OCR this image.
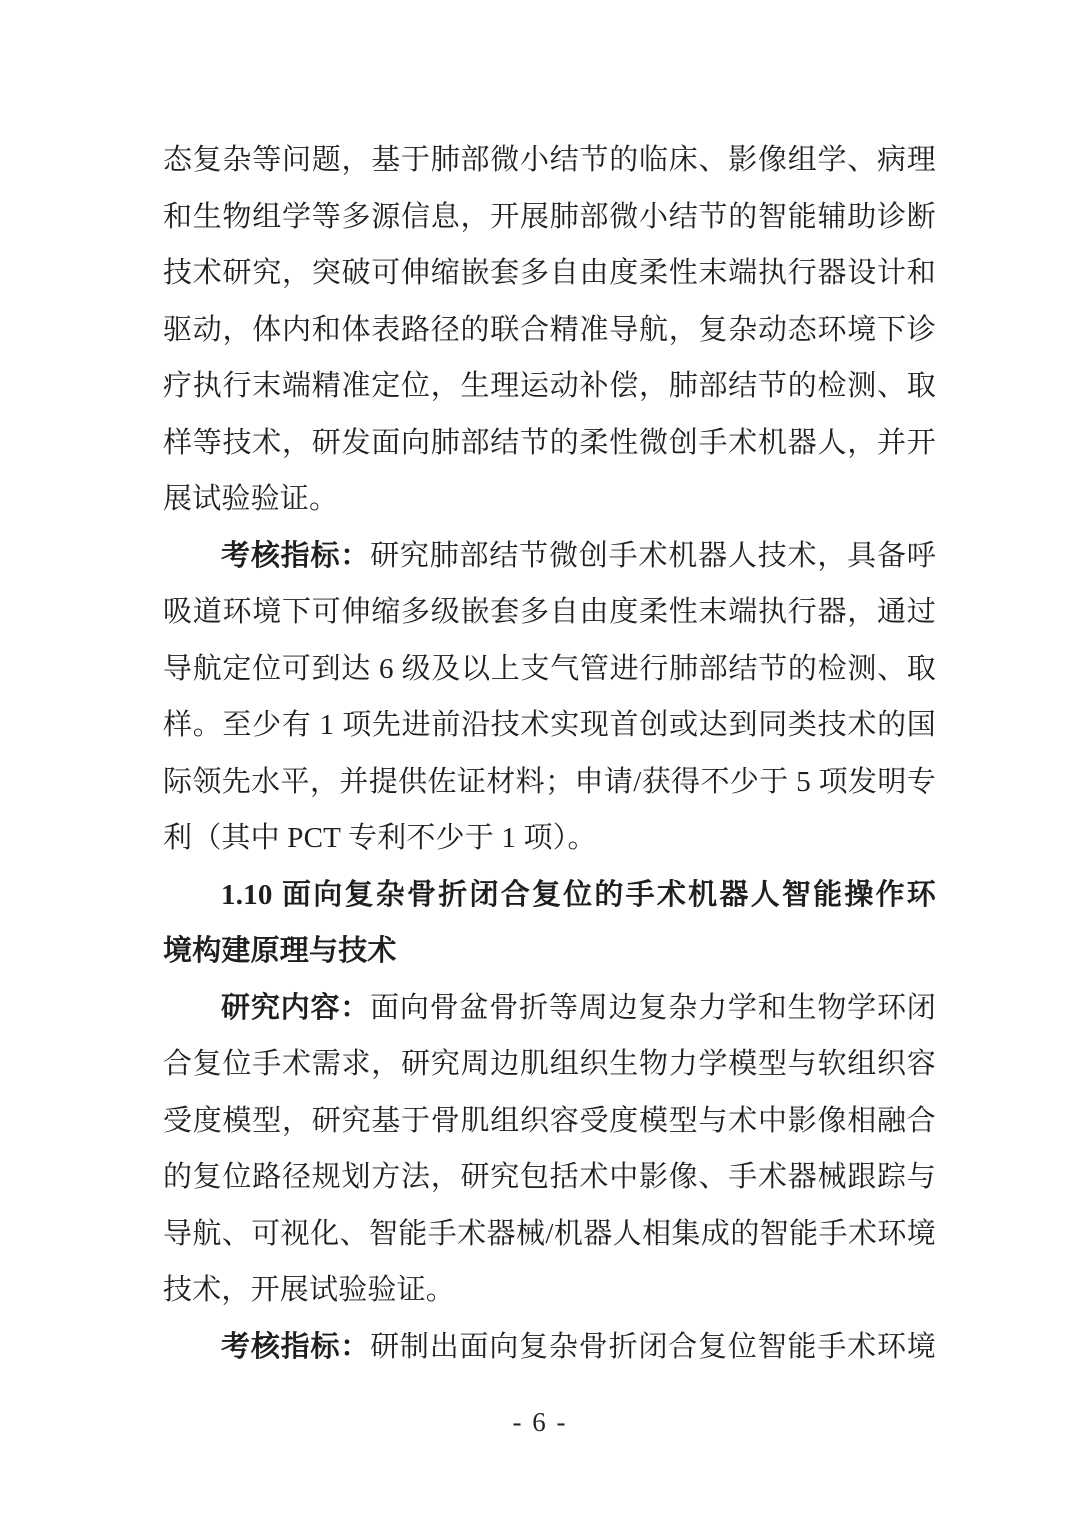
态复杂等问题，基于肺部微小结节的临床、影像组学、病理
和生物组学等多源信息，开展肺部微小结节的智能辅助诊断
技术研究，突破可伸缩嵌套多自由度柔性末端执行器设计和
驱动，体内和体表路径的联合精准导航，复杂动态环境下诊
疗执行末端精准定位，生理运动补偿，肺部结节的检测、取
样等技术，研发面向肺部结节的柔性微创手术机器人，并开
展试验验证。
考核指标：研究肺部结节微创手术机器人技术，具备呼
吸道环境下可伸缩多级嵌套多自由度柔性末端执行器，通过
导航定位可到达 6 级及以上支气管进行肺部结节的检测、取
样。至少有 1 项先进前沿技术实现首创或达到同类技术的国
际领先水平，并提供佐证材料；申请/获得不少于 5 项发明专
利（其中 PCT 专利不少于 1 项）。
1.10 面向复杂骨折闭合复位的手术机器人智能操作环
境构建原理与技术
研究内容：面向骨盆骨折等周边复杂力学和生物学环闭
合复位手术需求，研究周边肌组织生物力学模型与软组织容
受度模型，研究基于骨肌组织容受度模型与术中影像相融合
的复位路径规划方法，研究包括术中影像、手术器械跟踪与
导航、可视化、智能手术器械/机器人相集成的智能手术环境
技术，开展试验验证。
考核指标：研制出面向复杂骨折闭合复位智能手术环境
- 6 -
